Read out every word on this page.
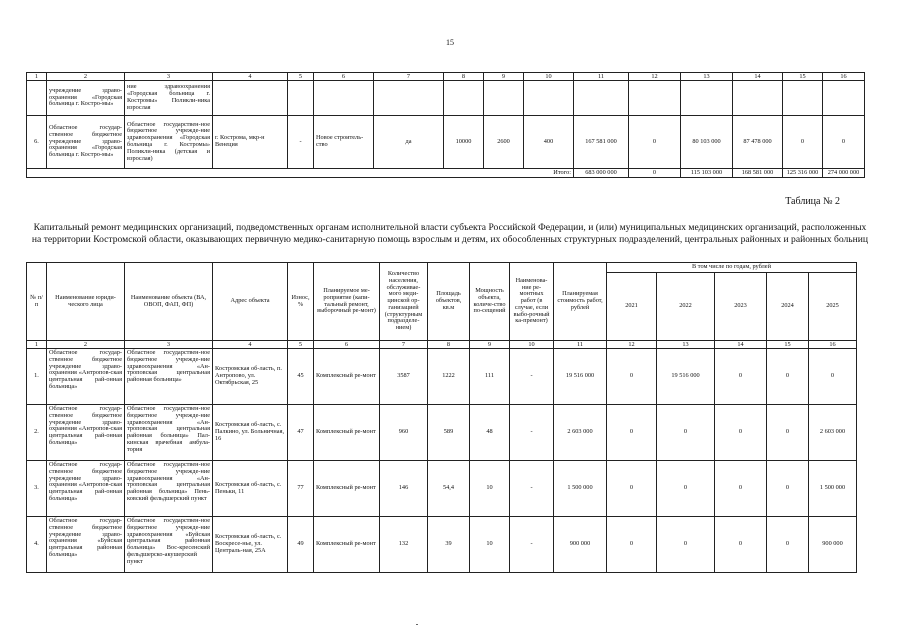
15
1	2	3	4	5	6	7	8	9	10	11	12	13	14	15	16
	учреждение здраво-охранения «Городская больница г. Костро-мы»	ние здравоохранения «Городская больница г. Костромы» Поликли-ника взрослая													
6.	Областное государ-ственное бюджетное учреждение здраво-охранения «Городская больница г. Костро-мы»	Областное государствен-ное бюджетное учрежде-ние здравоохранения «Городская больница г. Костромы» Поликли-ника (детская и взрослая)	г. Кострома, мкр-н Венеция	-	Новое строитель-ство	да	10000	2600	400	167 581 000	0	80 103 000	87 478 000	0	0
									Итого:	683 000 000	0	115 103 000	168 581 000	125 316 000	274 000 000
Таблица № 2
Капитальный ремонт медицинских организаций, подведомственных органам исполнительной власти субъекта Российской Федерации, и (или) муниципальных медицинских организаций, расположенных на территории Костромской области, оказывающих первичную медико-санитарную помощь взрослым и детям, их обособленных структурных подразделений, центральных районных и районных больниц
№ п/п	Наименование юриди-ческого лица	Наименование объекта (ВА, ОВОП, ФАП, ФП)	Адрес объекта	Износ, %	Планируемое ме-роприятие (капи-тальный ремонт, выборочный ре-монт)	Количество населения, обслуживае-мого меди-цинской ор-ганизацией (структурным подразделе-нием)	Площадь объектов, кв.м	Мощность объекта, количе-ство по-сещений	Наименова-ние ре-монтных работ (в случае, если выбо-рочный ка-премонт)	Планируемая стоимость работ, рублей	В том числе по годам, рублей				
											2021	2022	2023	2024	2025
1	2	3	4	5	6	7	8	9	10	11	12	13	14	15	16
1.	Областное государ-ственное бюджетное учреждение здраво-охранения «Антропов-ская центральная рай-онная больница»	Областное государствен-ное бюджетное учрежде-ние здравоохранения «Ан-троповская центральная районная больница»	Костромская об-ласть, п. Антропово, ул. Октябрьская, 25	45	Комплексный ре-монт	3587	1222	111	-	19 516 000	0	19 516 000	0	0	0
2.	Областное государ-ственное бюджетное учреждение здраво-охранения «Антропов-ская центральная рай-онная больница»	Областное государствен-ное бюджетное учрежде-ние здравоохранения «Ан-троповская центральная районная больница» Пал-кинская врачебная амбула-тория	Костромская об-ласть, с. Палкино, ул. Больничная, 16	47	Комплексный ре-монт	960	589	48	-	2 603 000	0	0	0	0	2 603 000
3.	Областное государ-ственное бюджетное учреждение здраво-охранения «Антропов-ская центральная рай-онная больница»	Областное государствен-ное бюджетное учрежде-ние здравоохранения «Ан-троповская центральная районная больница» Пень-ковский фельдшерский пункт	Костромская об-ласть, с. Пеньки, 11	77	Комплексный ре-монт	146	54,4	10	-	1 500 000	0	0	0	0	1 500 000
4.	Областное государ-ственное бюджетное учреждение здраво-охранения «Буйская центральная районная больница»	Областное государствен-ное бюджетное учрежде-ние здравоохранения «Буйская центральная районная больница» Вос-кресенский фельдшерско-акушерский пункт	Костромская об-ласть, с. Воскресе-нье, ул. Централь-ная, 25А	49	Комплексный ре-монт	132	39	10	-	900 000	0	0	0	0	900 000
